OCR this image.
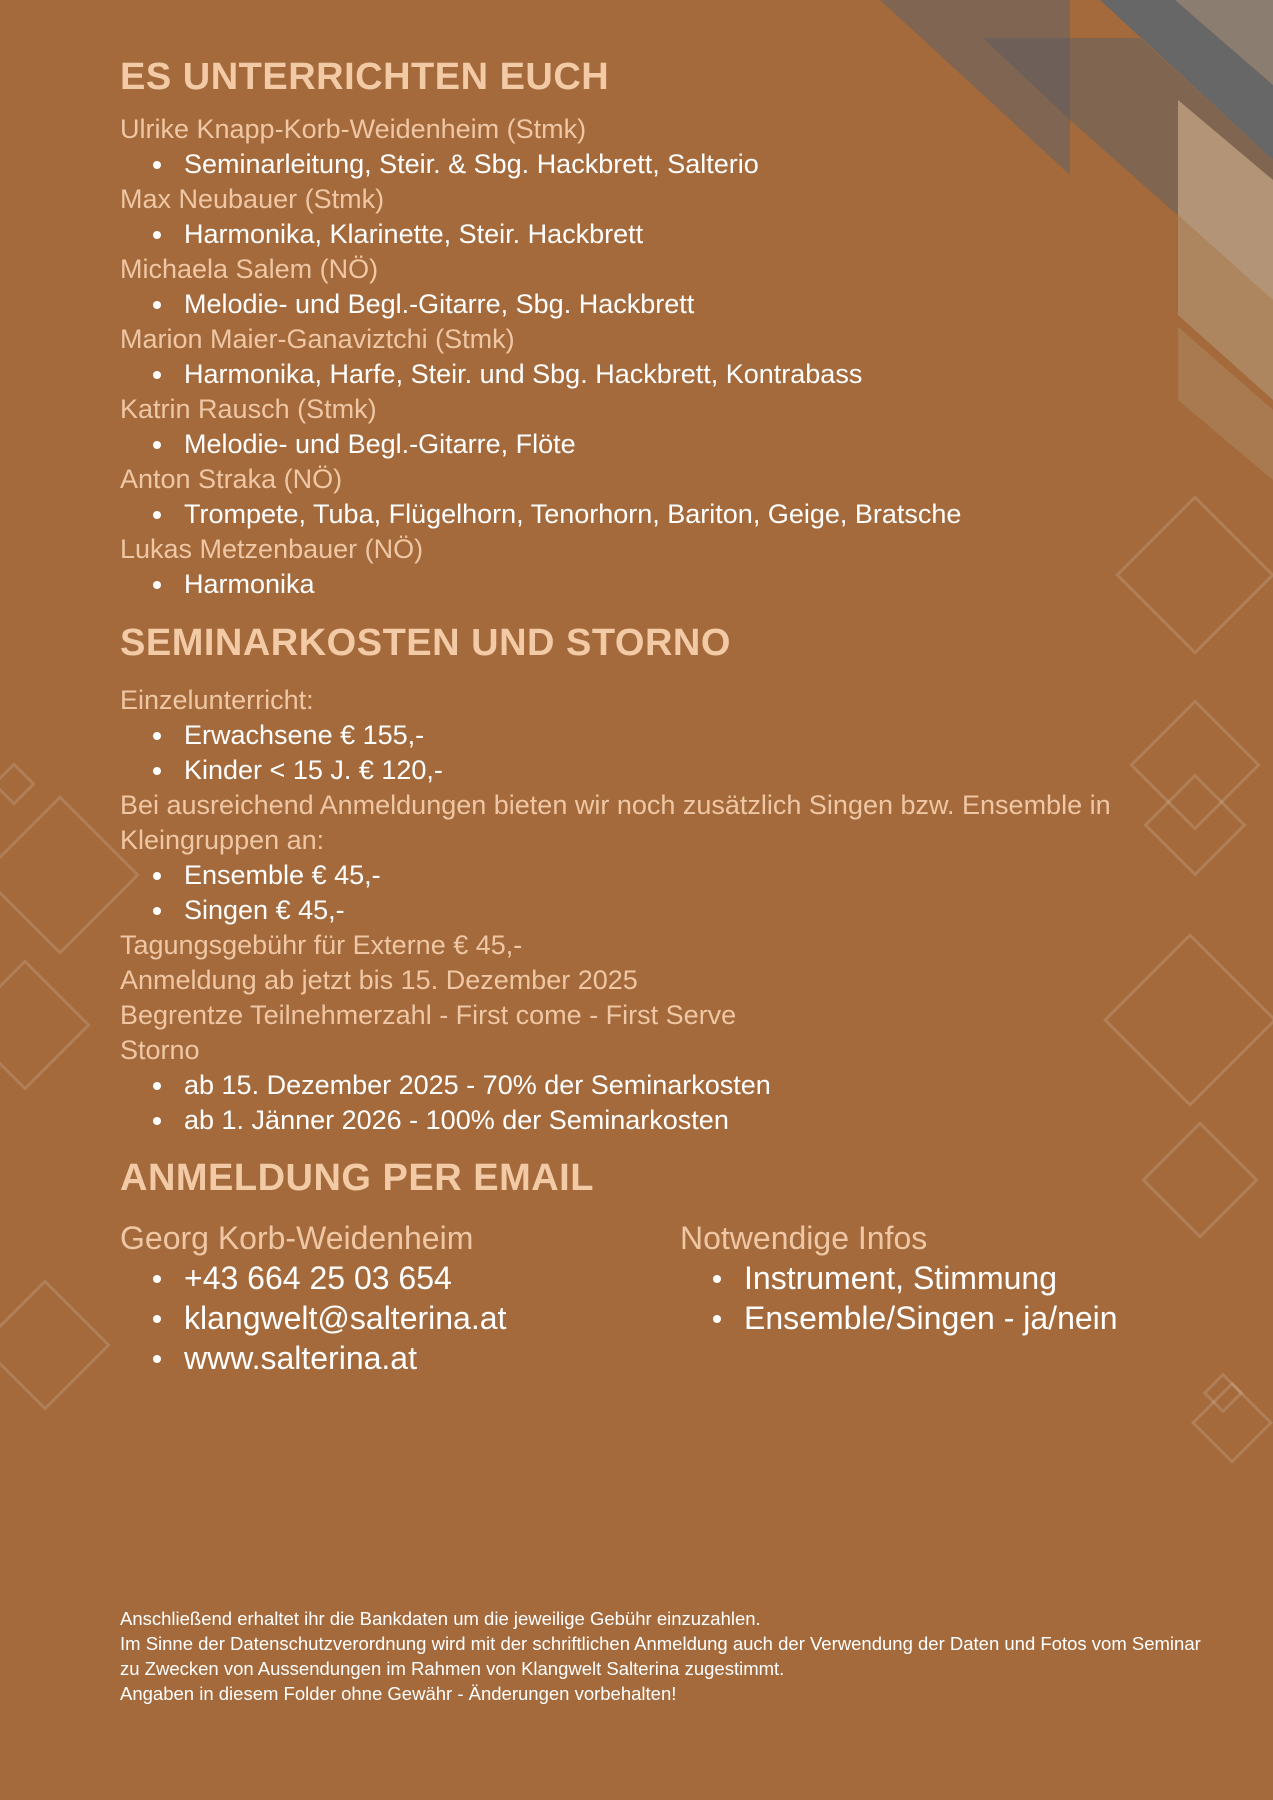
ES UNTERRICHTEN EUCH
Ulrike Knapp-Korb-Weidenheim (Stmk)
Seminarleitung, Steir. & Sbg. Hackbrett, Salterio
Max Neubauer (Stmk)
Harmonika, Klarinette, Steir. Hackbrett
Michaela Salem (NÖ)
Melodie- und Begl.-Gitarre, Sbg. Hackbrett
Marion Maier-Ganaviztchi (Stmk)
Harmonika, Harfe, Steir. und Sbg. Hackbrett, Kontrabass
Katrin Rausch (Stmk)
Melodie- und Begl.-Gitarre, Flöte
Anton Straka (NÖ)
Trompete, Tuba, Flügelhorn, Tenorhorn, Bariton, Geige, Bratsche
Lukas Metzenbauer (NÖ)
Harmonika
SEMINARKOSTEN UND STORNO
Einzelunterricht:
Erwachsene € 155,-
Kinder < 15 J. € 120,-
Bei ausreichend Anmeldungen bieten wir noch zusätzlich Singen bzw. Ensemble in Kleingruppen an:
Ensemble € 45,-
Singen € 45,-
Tagungsgebühr für Externe € 45,-
Anmeldung ab jetzt bis 15. Dezember 2025
Begrentze Teilnehmerzahl - First come - First Serve
Storno
ab 15. Dezember 2025 - 70% der Seminarkosten
ab 1. Jänner 2026 - 100% der Seminarkosten
ANMELDUNG PER EMAIL
Georg Korb-Weidenheim
+43 664 25 03 654
klangwelt@salterina.at
www.salterina.at
Notwendige Infos
Instrument, Stimmung
Ensemble/Singen - ja/nein
Anschließend erhaltet ihr die Bankdaten um die jeweilige Gebühr einzuzahlen.
Im Sinne der Datenschutzverordnung wird mit der schriftlichen Anmeldung auch der Verwendung der Daten und Fotos vom Seminar zu Zwecken von Aussendungen im Rahmen von Klangwelt Salterina zugestimmt.
Angaben in diesem Folder ohne Gewähr - Änderungen vorbehalten!
